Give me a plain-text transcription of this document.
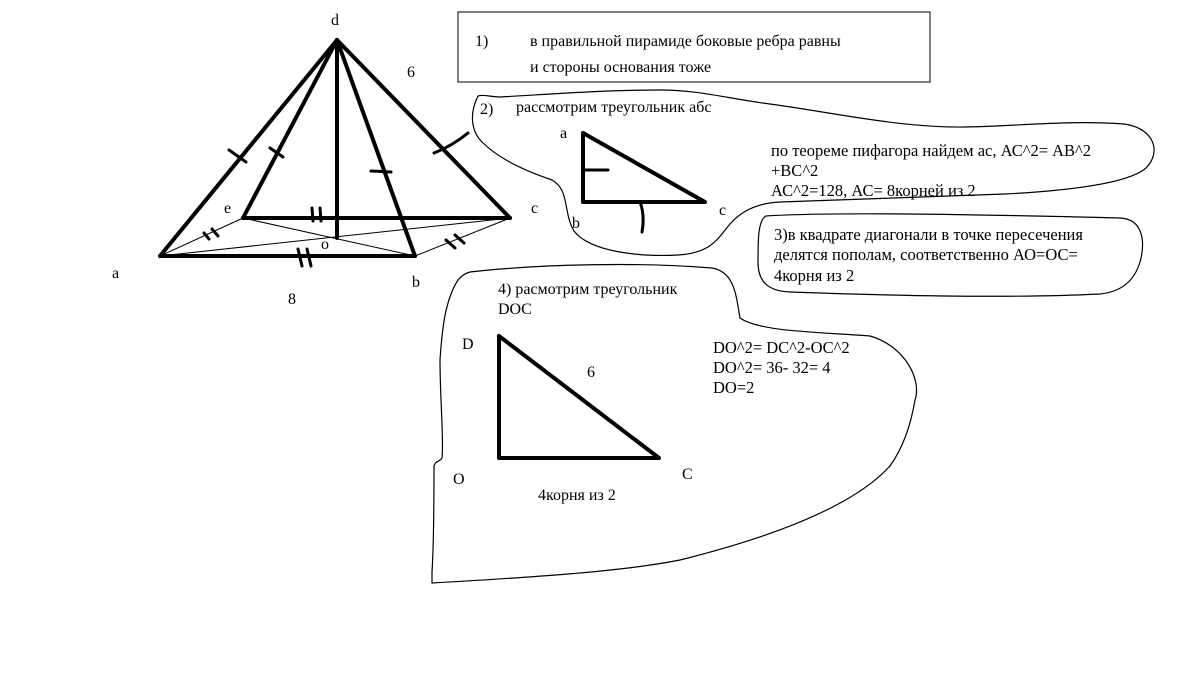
d
a
b
c
e
o
6
8
1)	в правильной пирамиде боковые ребра равны
и стороны основания тоже
2) рассмотрим треугольник абс
a
b
c
по теореме пифагора найдем ас, АС^2= АВ^2
+ВС^2
АС^2=128, АС= 8корней из 2
3)в квадрате диагонали в точке пересечения
делятся пополам, соответственно АО=ОС=
4корня из 2
4) расмотрим треугольник
DOC
D
O	C
6
4корня из 2
DO^2= DC^2-OC^2
DO^2= 36- 32= 4
DO=2
